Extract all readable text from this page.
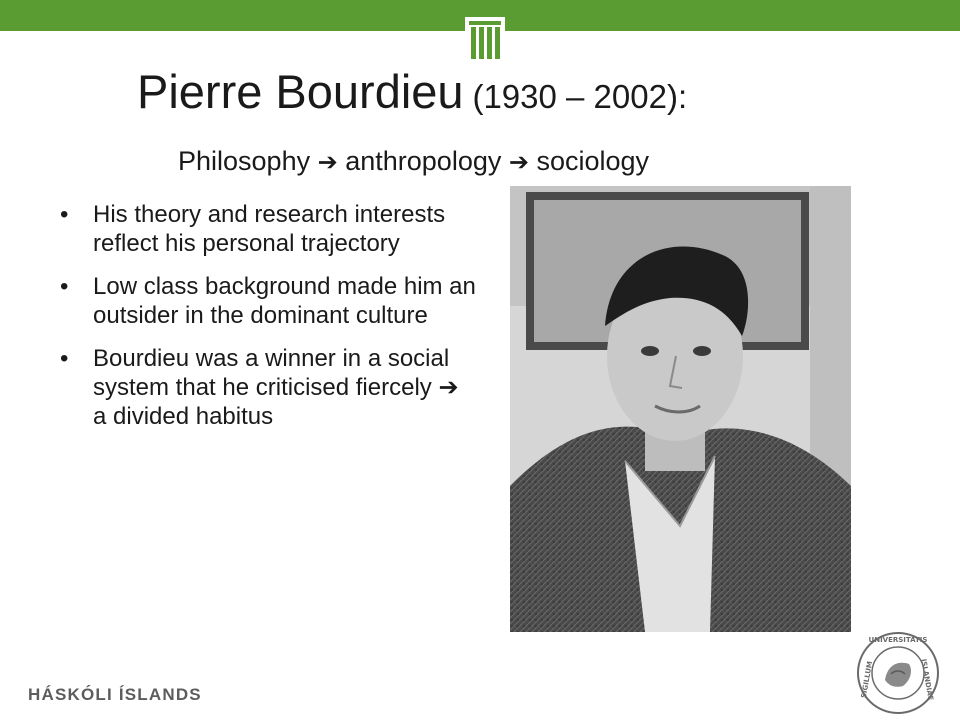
Pierre Bourdieu (1930 – 2002):
Philosophy ➔ anthropology ➔ sociology
• His theory and research interests reflect his personal trajectory
• Low class background made him an outsider in the dominant culture
• Bourdieu was a winner in a social system that he criticised fiercely ➔
a divided habitus
HÁSKÓLI ÍSLANDS
UNIVERSITATIS
ISLANDIAE
SIGILLUM
